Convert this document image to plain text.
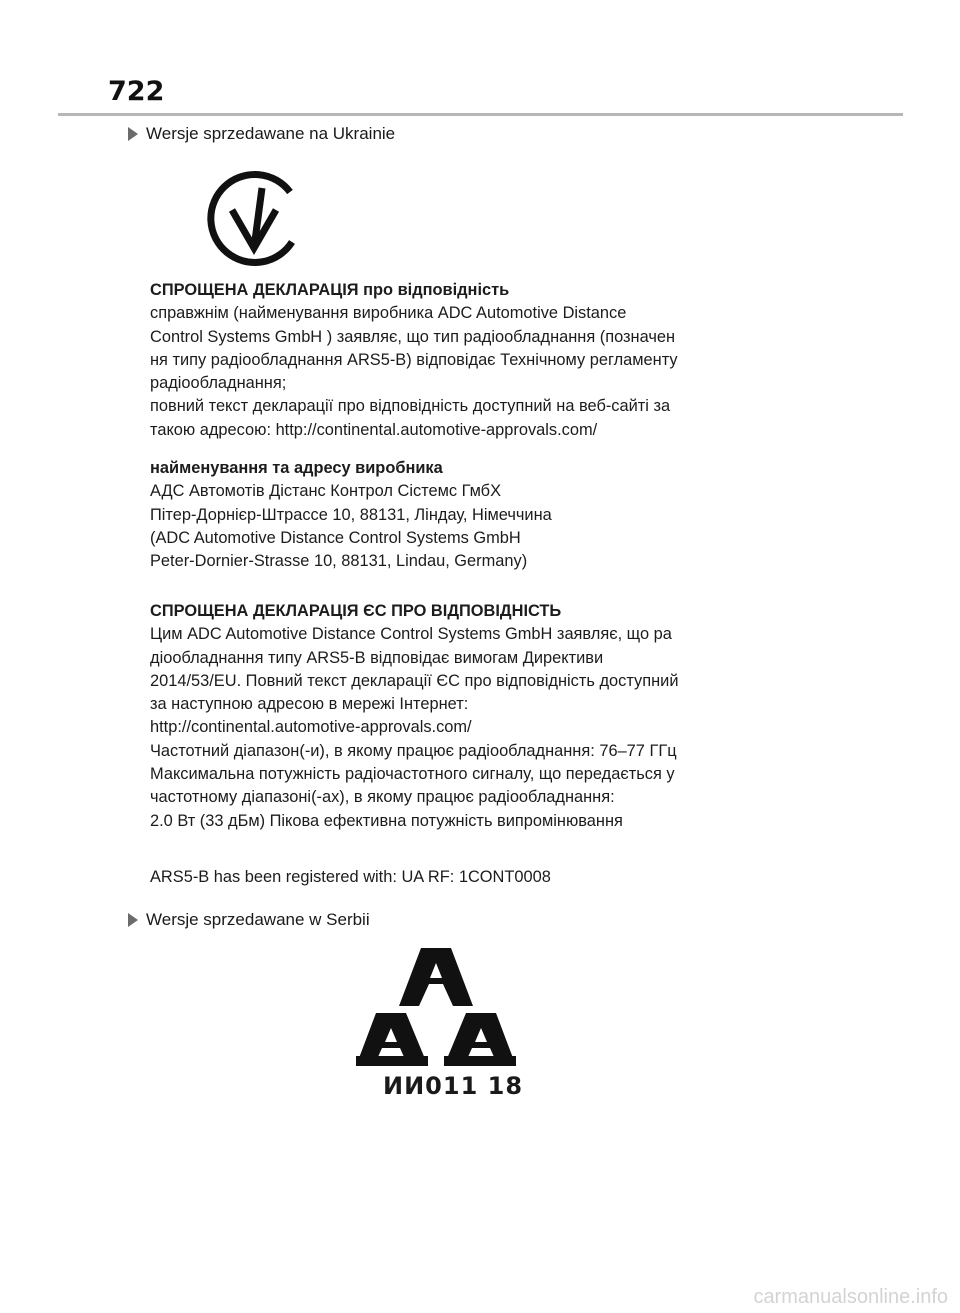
722
Wersje sprzedawane na Ukrainie
СПРОЩЕНА ДЕКЛАРАЦІЯ про відповідність
справжнім (найменування виробника ADC Automotive Distance
Control Systems GmbH ) заявляє, що тип радіообладнання (позначен
ня типу радіообладнання ARS5-B) відповідає Технічному регламенту
радіообладнання;
повний текст декларації про відповідність доступний на веб-сайті за
такою адресою: http://continental.automotive-approvals.com/
найменування та адресу виробника
АДС Автомотів Дістанс Контрол Сістемс ГмбХ
Пітер-Дорнієр-Штрассе 10, 88131, Ліндау, Німеччина
(ADC Automotive Distance Control Systems GmbH
Peter-Dornier-Strasse 10, 88131, Lindau, Germany)
СПРОЩЕНА ДЕКЛАРАЦІЯ ЄС ПРО ВІДПОВІДНІСТЬ
Цим ADC Automotive Distance Control Systems GmbH заявляє, що ра
діообладнання типу ARS5-B відповідає вимогам Директиви
2014/53/EU. Повний текст декларації ЄС про відповідність доступний
за наступною адресою в мережі Інтернет:
http://continental.automotive-approvals.com/
Частотний діапазон(-и), в якому працює радіообладнання: 76–77 ГГц
Максимальна потужність радіочастотного сигналу, що передається у
частотному діапазоні(-ах), в якому працює радіообладнання:
2.0 Вт (33 дБм) Пікова ефективна потужність випромінювання
ARS5-B has been registered with: UA RF: 1CONT0008
Wersje sprzedawane w Serbii
ИИ011 18
carmanualsonline.info
